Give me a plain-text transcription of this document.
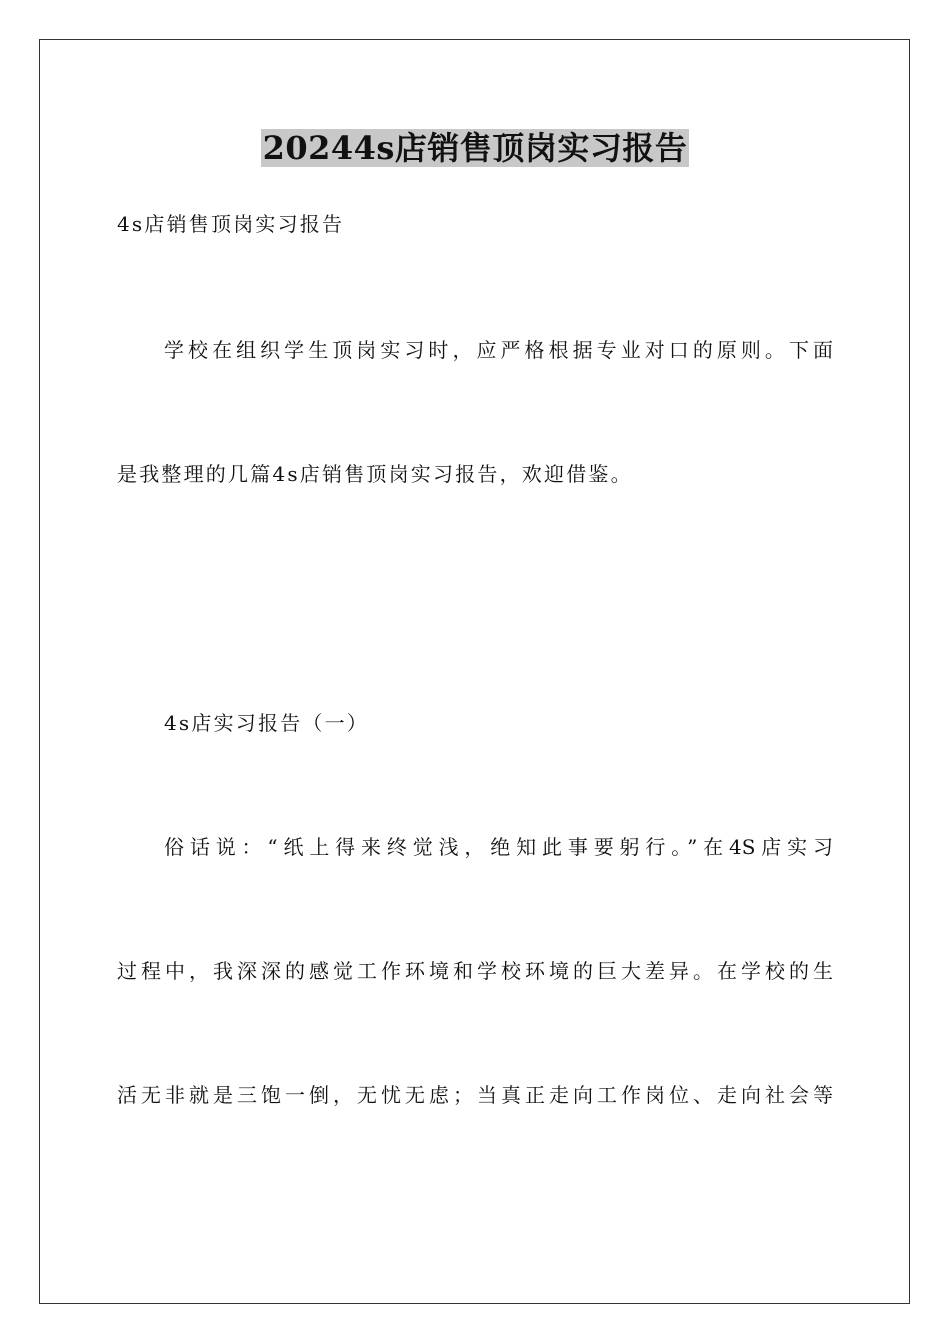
20244s店销售顶岗实习报告

4s店销售顶岗实习报告

学校在组织学生顶岗实习时，应严格根据专业对口的原则。下面

是我整理的几篇4s店销售顶岗实习报告，欢迎借鉴。

4s店实习报告（一）

俗话说：“纸上得来终觉浅，绝知此事要躬行。”在4S店实习

过程中，我深深的感觉工作环境和学校环境的巨大差异。在学校的生

活无非就是三饱一倒，无忧无虑；当真正走向工作岗位、走向社会等
